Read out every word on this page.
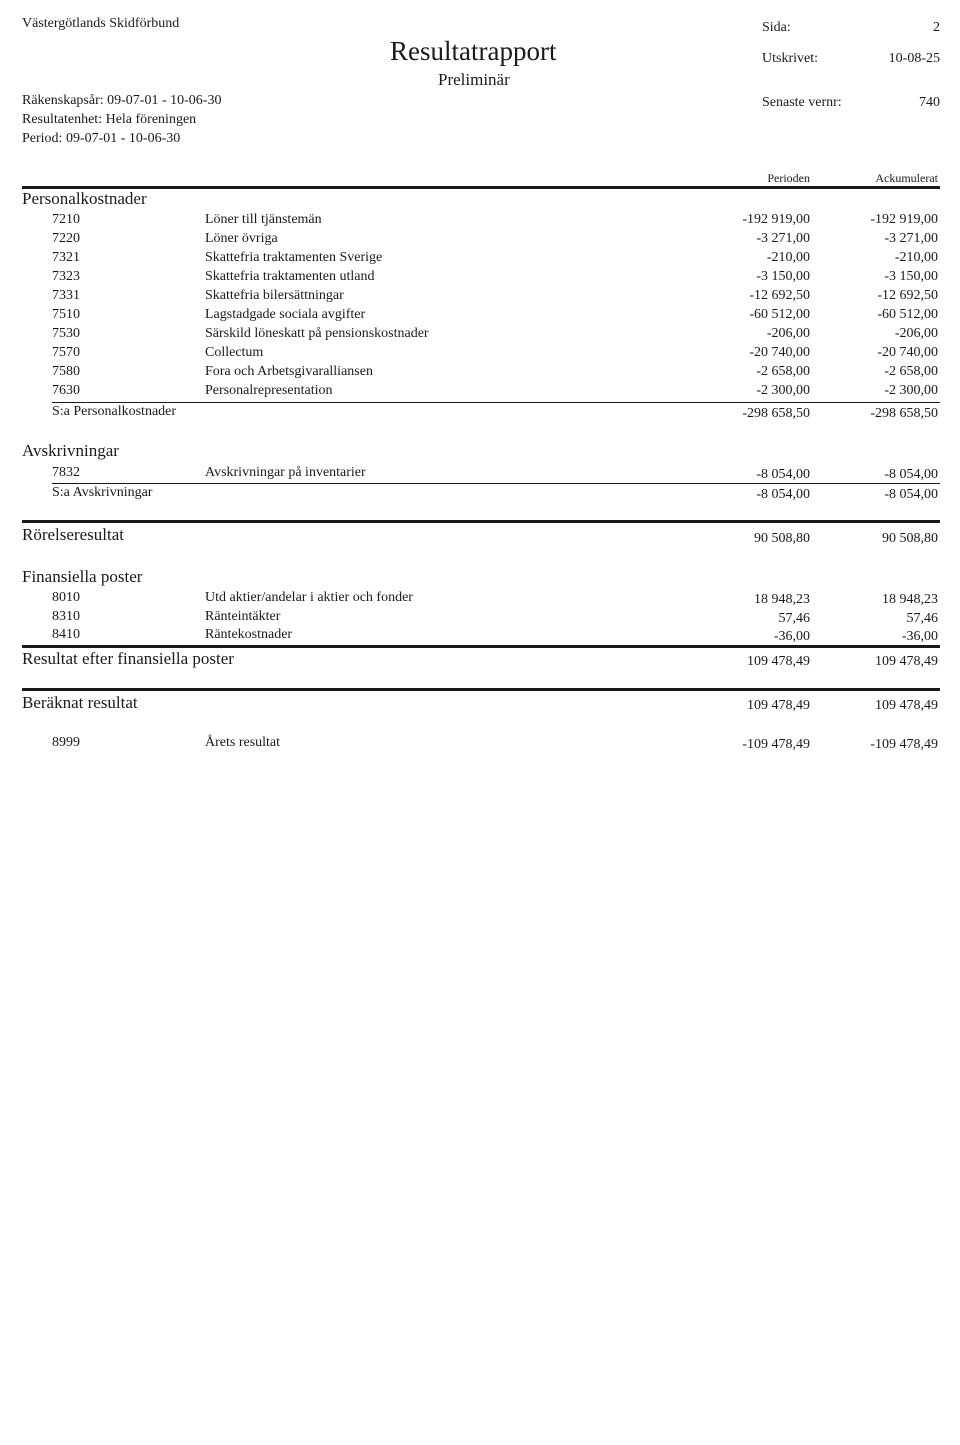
Västergötlands Skidförbund
Resultatrapport
Preliminär
Räkenskapsår: 09-07-01 - 10-06-30
Resultatenhet: Hela föreningen
Period: 09-07-01 - 10-06-30
Sida:	2
Utskrivet:	10-08-25
Senaste vernr:	740
Perioden	Ackumulerat
Personalkostnader
7210	Löner till tjänstemän	-192 919,00	-192 919,00
7220	Löner övriga	-3 271,00	-3 271,00
7321	Skattefria traktamenten Sverige	-210,00	-210,00
7323	Skattefria traktamenten utland	-3 150,00	-3 150,00
7331	Skattefria bilersättningar	-12 692,50	-12 692,50
7510	Lagstadgade sociala avgifter	-60 512,00	-60 512,00
7530	Särskild löneskatt på pensionskostnader	-206,00	-206,00
7570	Collectum	-20 740,00	-20 740,00
7580	Fora och Arbetsgivaralliansen	-2 658,00	-2 658,00
7630	Personalrepresentation	-2 300,00	-2 300,00
S:a Personalkostnader	-298 658,50	-298 658,50
Avskrivningar
7832	Avskrivningar på inventarier	-8 054,00	-8 054,00
S:a Avskrivningar	-8 054,00	-8 054,00
Rörelseresultat	90 508,80	90 508,80
Finansiella poster
8010	Utd aktier/andelar i aktier och fonder	18 948,23	18 948,23
8310	Ränteintäkter	57,46	57,46
8410	Räntekostnader	-36,00	-36,00
Resultat efter finansiella poster	109 478,49	109 478,49
Beräknat resultat	109 478,49	109 478,49
8999	Årets resultat	-109 478,49	-109 478,49
